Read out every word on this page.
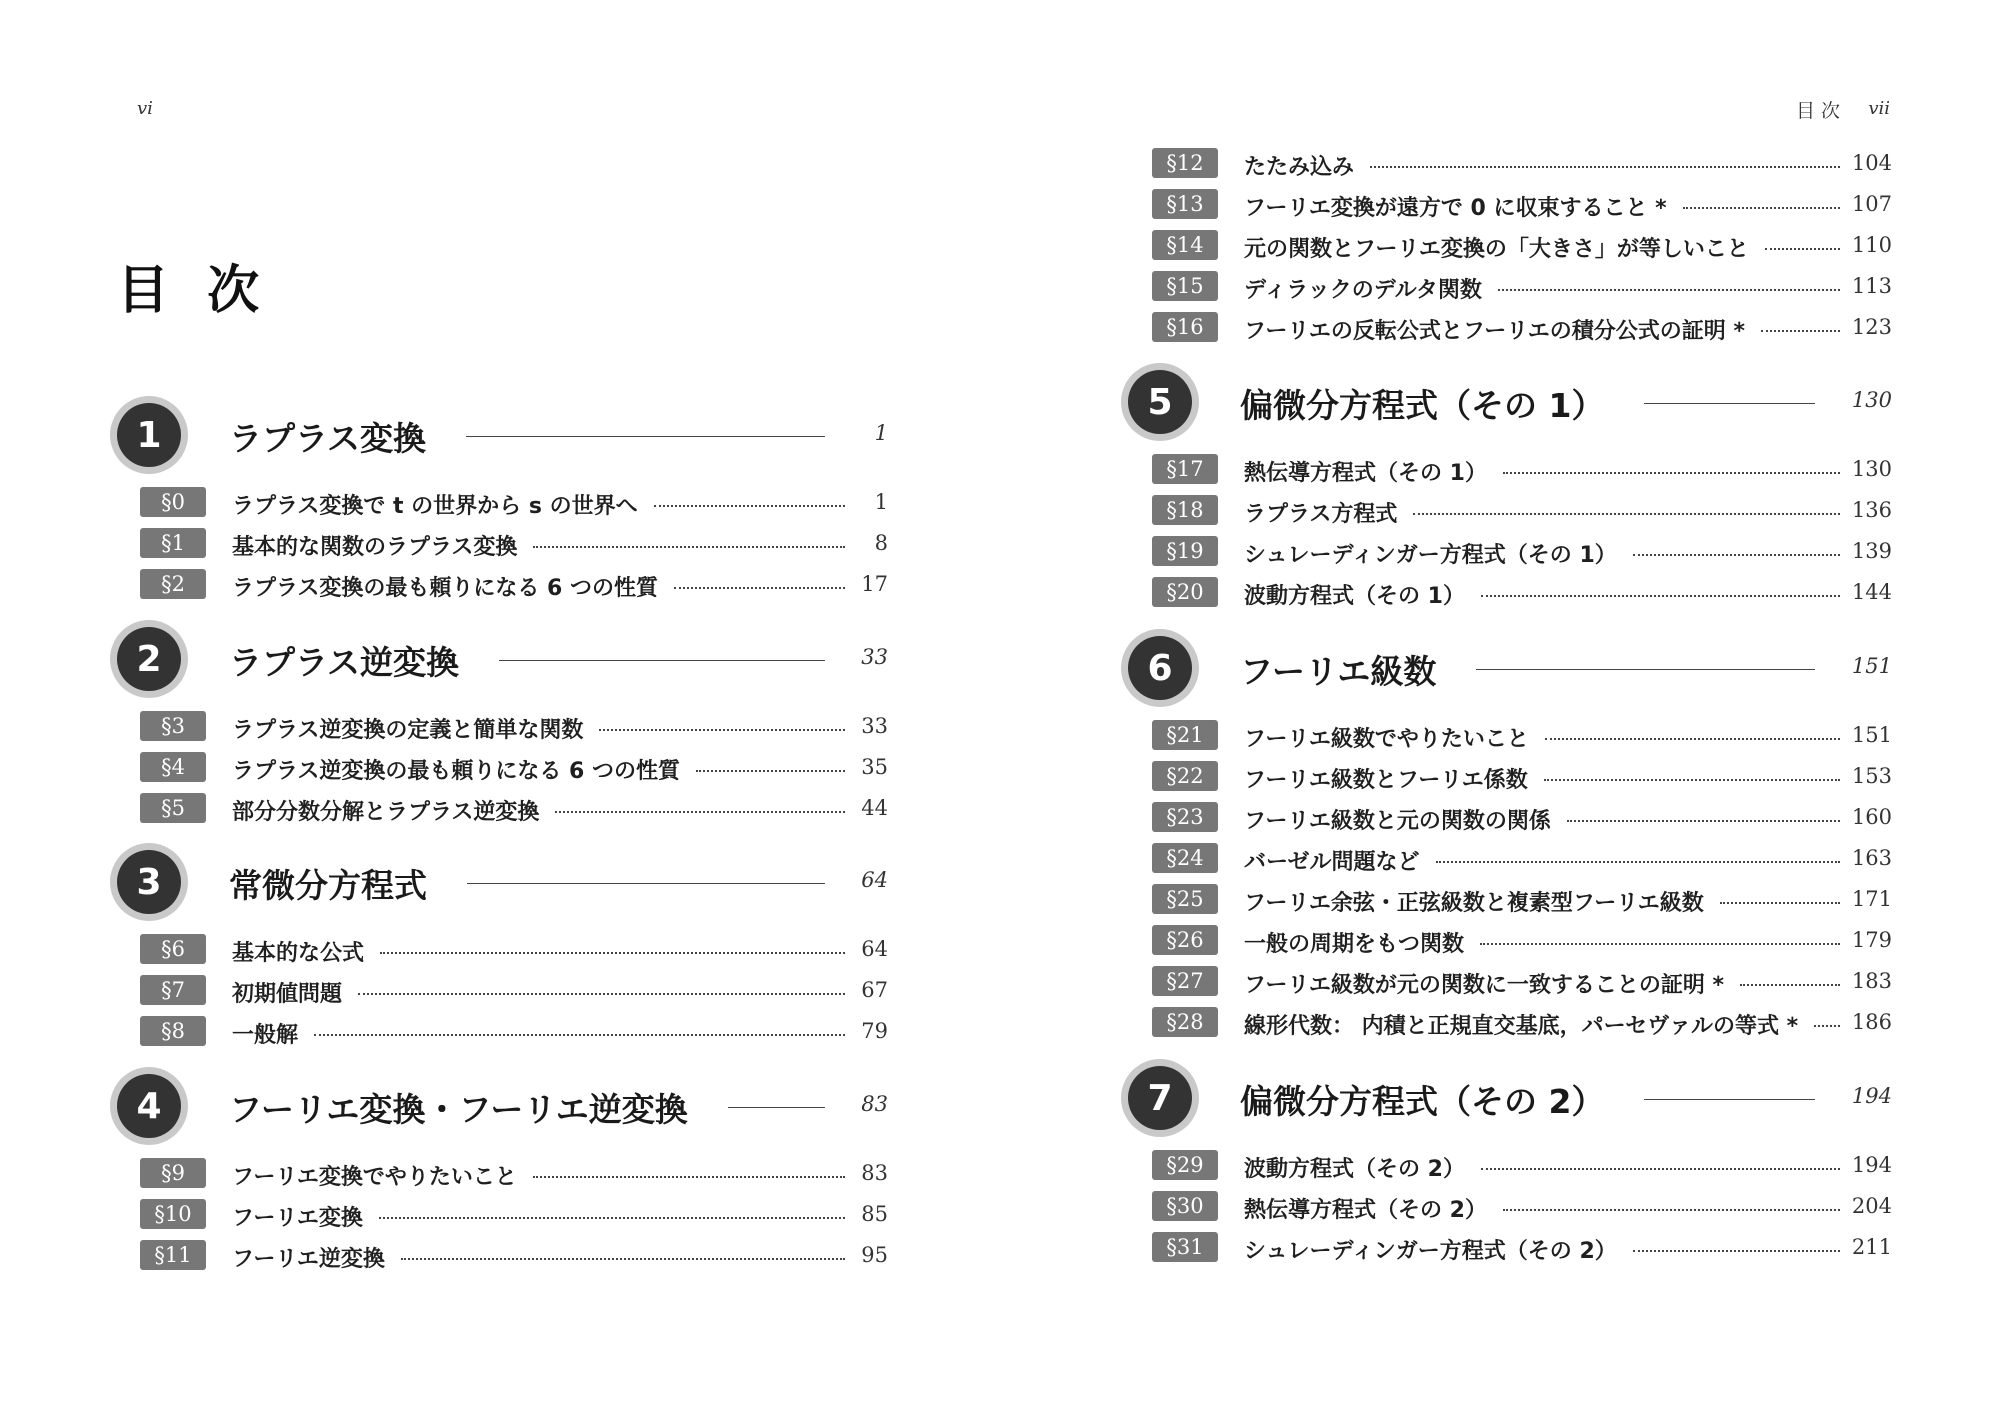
vi
目 次
目 次 vii
1	ラプラス変換	1
§0	ラプラス変換で t の世界から s の世界へ	1
§1	基本的な関数のラプラス変換	8
§2	ラプラス変換の最も頼りになる 6 つの性質	17
2	ラプラス逆変換	33
§3	ラプラス逆変換の定義と簡単な関数	33
§4	ラプラス逆変換の最も頼りになる 6 つの性質	35
§5	部分分数分解とラプラス逆変換	44
3	常微分方程式	64
§6	基本的な公式	64
§7	初期値問題	67
§8	一般解	79
4	フーリエ変換・フーリエ逆変換	83
§9	フーリエ変換でやりたいこと	83
§10	フーリエ変換	85
§11	フーリエ逆変換	95
§12	たたみ込み	104
§13	フーリエ変換が遠方で 0 に収束すること *	107
§14	元の関数とフーリエ変換の「大きさ」が等しいこと	110
§15	ディラックのデルタ関数	113
§16	フーリエの反転公式とフーリエの積分公式の証明 *	123
5	偏微分方程式（その 1）	130
§17	熱伝導方程式（その 1）	130
§18	ラプラス方程式	136
§19	シュレーディンガー方程式（その 1）	139
§20	波動方程式（その 1）	144
6	フーリエ級数	151
§21	フーリエ級数でやりたいこと	151
§22	フーリエ級数とフーリエ係数	153
§23	フーリエ級数と元の関数の関係	160
§24	バーゼル問題など	163
§25	フーリエ余弦・正弦級数と複素型フーリエ級数	171
§26	一般の周期をもつ関数	179
§27	フーリエ級数が元の関数に一致することの証明 *	183
§28	線形代数： 内積と正規直交基底，パーセヴァルの等式 *	186
7	偏微分方程式（その 2）	194
§29	波動方程式（その 2）	194
§30	熱伝導方程式（その 2）	204
§31	シュレーディンガー方程式（その 2）	211
